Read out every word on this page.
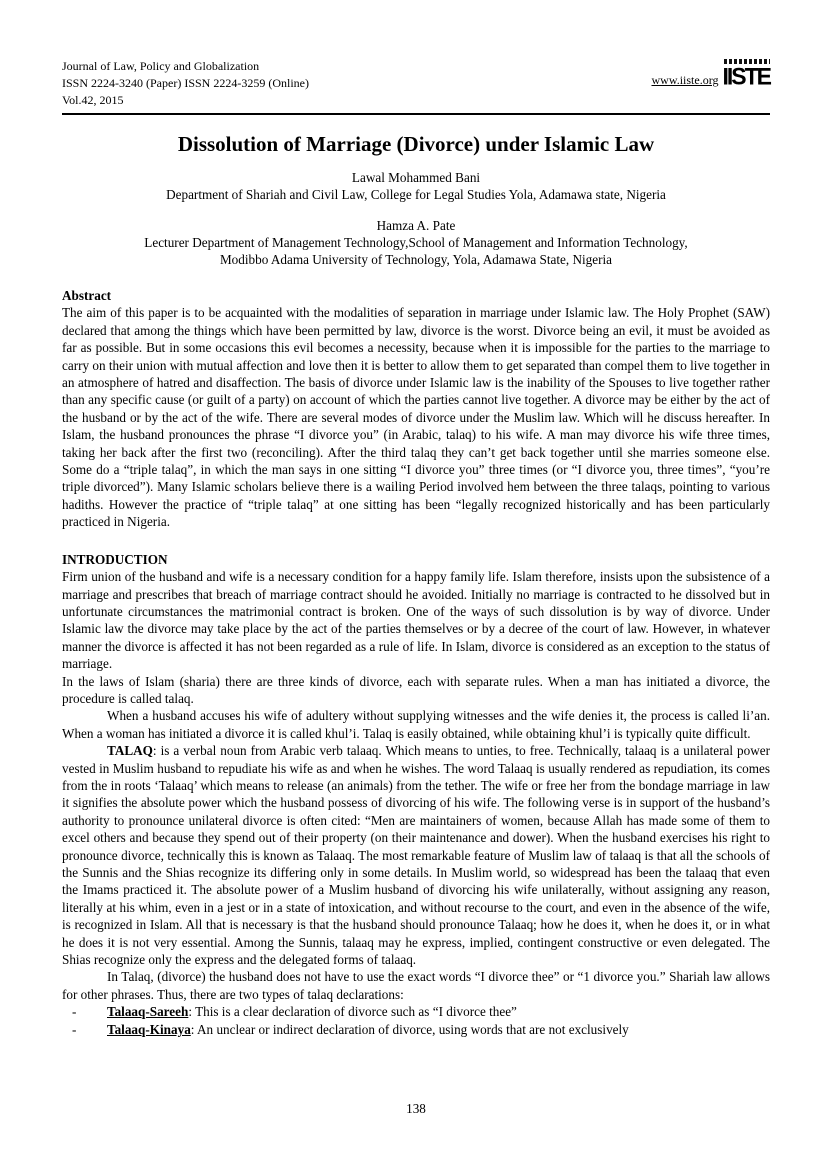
Journal of Law, Policy and Globalization
ISSN 2224-3240 (Paper) ISSN 2224-3259 (Online)
Vol.42, 2015
www.iiste.org IISTE
Dissolution of Marriage (Divorce) under Islamic Law
Lawal Mohammed Bani
Department of Shariah and Civil Law, College for Legal Studies Yola, Adamawa state, Nigeria
Hamza A. Pate
Lecturer Department of Management Technology,School of Management and Information Technology,
Modibbo Adama University of Technology, Yola, Adamawa State, Nigeria
Abstract

The aim of this paper is to be acquainted with the modalities of separation in marriage under Islamic law. The Holy Prophet (SAW) declared that among the things which have been permitted by law, divorce is the worst. Divorce being an evil, it must be avoided as far as possible. But in some occasions this evil becomes a necessity, because when it is impossible for the parties to the marriage to carry on their union with mutual affection and love then it is better to allow them to get separated than compel them to live together in an atmosphere of hatred and disaffection. The basis of divorce under Islamic law is the inability of the Spouses to live together rather than any specific cause (or guilt of a party) on account of which the parties cannot live together. A divorce may be either by the act of the husband or by the act of the wife. There are several modes of divorce under the Muslim law. Which will he discuss hereafter. In Islam, the husband pronounces the phrase “I divorce you” (in Arabic, talaq) to his wife. A man may divorce his wife three times, taking her back after the first two (reconciling). After the third talaq they can’t get back together until she marries someone else. Some do a “triple talaq”, in which the man says in one sitting “I divorce you” three times (or “I divorce you, three times”, “you’re triple divorced”). Many Islamic scholars believe there is a wailing Period involved hem between the three talaqs, pointing to various hadiths. However the practice of “triple talaq” at one sitting has been “legally recognized historically and has been particularly practiced in Nigeria.

INTRODUCTION

Firm union of the husband and wife is a necessary condition for a happy family life. Islam therefore, insists upon the subsistence of a marriage and prescribes that breach of marriage contract should he avoided. Initially no marriage is contracted to he dissolved but in unfortunate circumstances the matrimonial contract is broken. One of the ways of such dissolution is by way of divorce. Under Islamic law the divorce may take place by the act of the parties themselves or by a decree of the court of law. However, in whatever manner the divorce is affected it has not been regarded as a rule of life. In Islam, divorce is considered as an exception to the status of marriage.

In the laws of Islam (sharia) there are three kinds of divorce, each with separate rules. When a man has initiated a divorce, the procedure is called talaq.

When a husband accuses his wife of adultery without supplying witnesses and the wife denies it, the process is called li’an. When a woman has initiated a divorce it is called khul’i. Talaq is easily obtained, while obtaining khul’i is typically quite difficult.

TALAQ: is a verbal noun from Arabic verb talaaq. Which means to unties, to free. Technically, talaaq is a unilateral power vested in Muslim husband to repudiate his wife as and when he wishes. The word Talaaq is usually rendered as repudiation, its comes from the in roots ‘Talaaq’ which means to release (an animals) from the tether. The wife or free her from the bondage marriage in law it signifies the absolute power which the husband possess of divorcing of his wife. The following verse is in support of the husband’s authority to pronounce unilateral divorce is often cited: “Men are maintainers of women, because Allah has made some of them to excel others and because they spend out of their property (on their maintenance and dower). When the husband exercises his right to pronounce divorce, technically this is known as Talaaq. The most remarkable feature of Muslim law of talaaq is that all the schools of the Sunnis and the Shias recognize its differing only in some details. In Muslim world, so widespread has been the talaaq that even the Imams practiced it. The absolute power of a Muslim husband of divorcing his wife unilaterally, without assigning any reason, literally at his whim, even in a jest or in a state of intoxication, and without recourse to the court, and even in the absence of the wife, is recognized in Islam. All that is necessary is that the husband should pronounce Talaaq; how he does it, when he does it, or in what he does it is not very essential. Among the Sunnis, talaaq may he express, implied, contingent constructive or even delegated. The Shias recognize only the express and the delegated forms of talaaq.

In Talaq, (divorce) the husband does not have to use the exact words “I divorce thee” or “1 divorce you.” Shariah law allows for other phrases. Thus, there are two types of talaq declarations:

-	Talaaq-Sareeh: This is a clear declaration of divorce such as “I divorce thee”
-	Talaaq-Kinaya: An unclear or indirect declaration of divorce, using words that are not exclusively
138
